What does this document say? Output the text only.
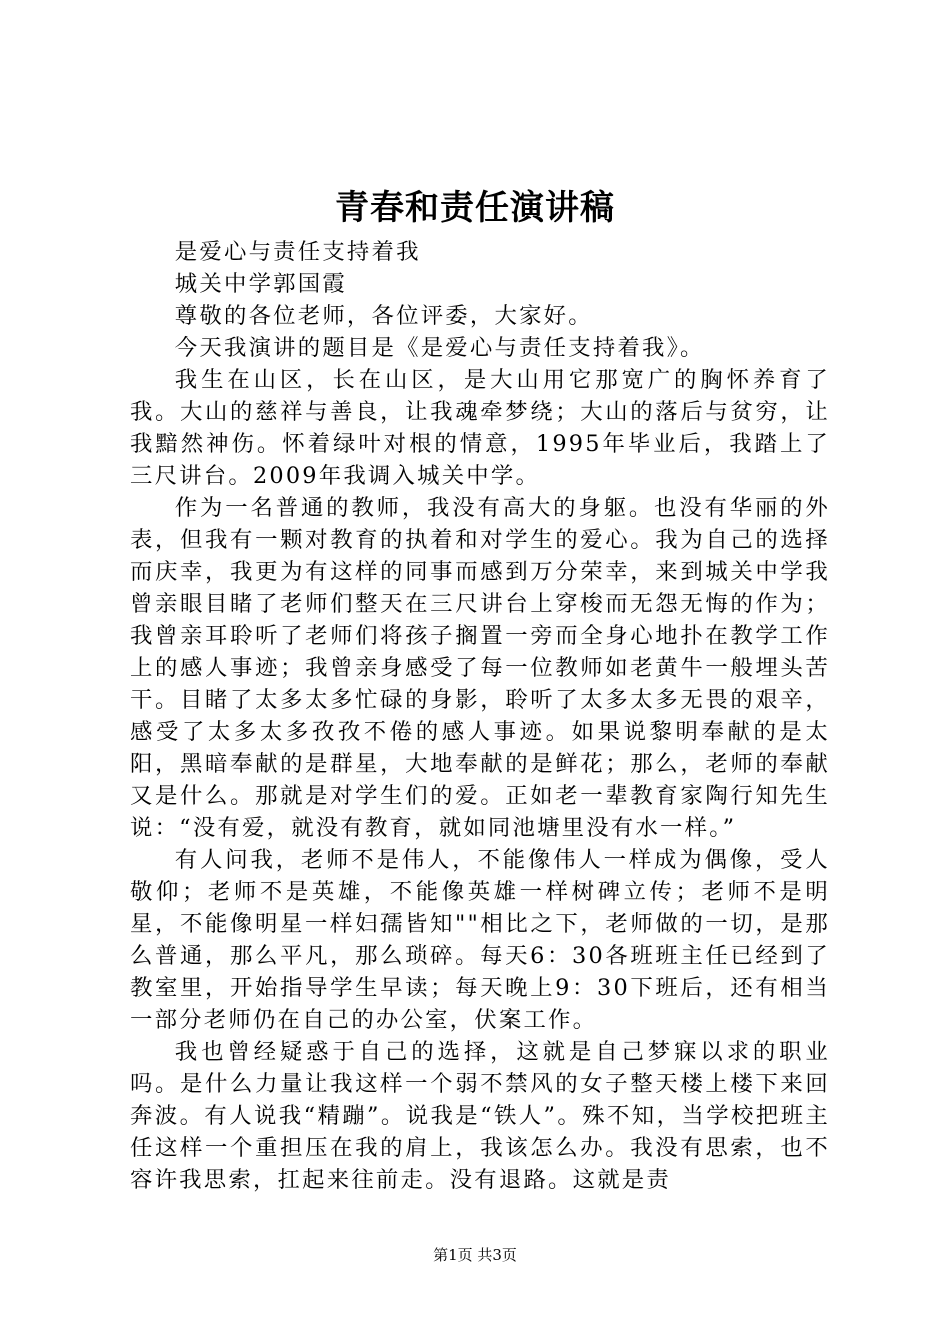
青春和责任演讲稿

是爱心与责任支持着我

城关中学郭国霞

尊敬的各位老师，各位评委，大家好。

今天我演讲的题目是《是爱心与责任支持着我》。

我生在山区，长在山区，是大山用它那宽广的胸怀养育了我。大山的慈祥与善良，让我魂牵梦绕；大山的落后与贫穷，让我黯然神伤。怀着绿叶对根的情意，1995年毕业后，我踏上了三尺讲台。2009年我调入城关中学。

作为一名普通的教师，我没有高大的身躯。也没有华丽的外表，但我有一颗对教育的执着和对学生的爱心。我为自己的选择而庆幸，我更为有这样的同事而感到万分荣幸，来到城关中学我曾亲眼目睹了老师们整天在三尺讲台上穿梭而无怨无悔的作为；我曾亲耳聆听了老师们将孩子搁置一旁而全身心地扑在教学工作上的感人事迹；我曾亲身感受了每一位教师如老黄牛一般埋头苦干。目睹了太多太多忙碌的身影，聆听了太多太多无畏的艰辛，感受了太多太多孜孜不倦的感人事迹。如果说黎明奉献的是太阳，黑暗奉献的是群星，大地奉献的是鲜花；那么，老师的奉献又是什么。那就是对学生们的爱。正如老一辈教育家陶行知先生说：“没有爱，就没有教育，就如同池塘里没有水一样。”

有人问我，老师不是伟人，不能像伟人一样成为偶像，受人敬仰；老师不是英雄，不能像英雄一样树碑立传；老师不是明星，不能像明星一样妇孺皆知""相比之下，老师做的一切，是那么普通，那么平凡，那么琐碎。每天6：30各班班主任已经到了教室里，开始指导学生早读；每天晚上9：30下班后，还有相当一部分老师仍在自己的办公室，伏案工作。

我也曾经疑惑于自己的选择，这就是自己梦寐以求的职业吗。是什么力量让我这样一个弱不禁风的女子整天楼上楼下来回奔波。有人说我“精蹦”。说我是“铁人”。殊不知，当学校把班主任这样一个重担压在我的肩上，我该怎么办。我没有思索，也不容许我思索，扛起来往前走。没有退路。这就是责

第1页 共3页
